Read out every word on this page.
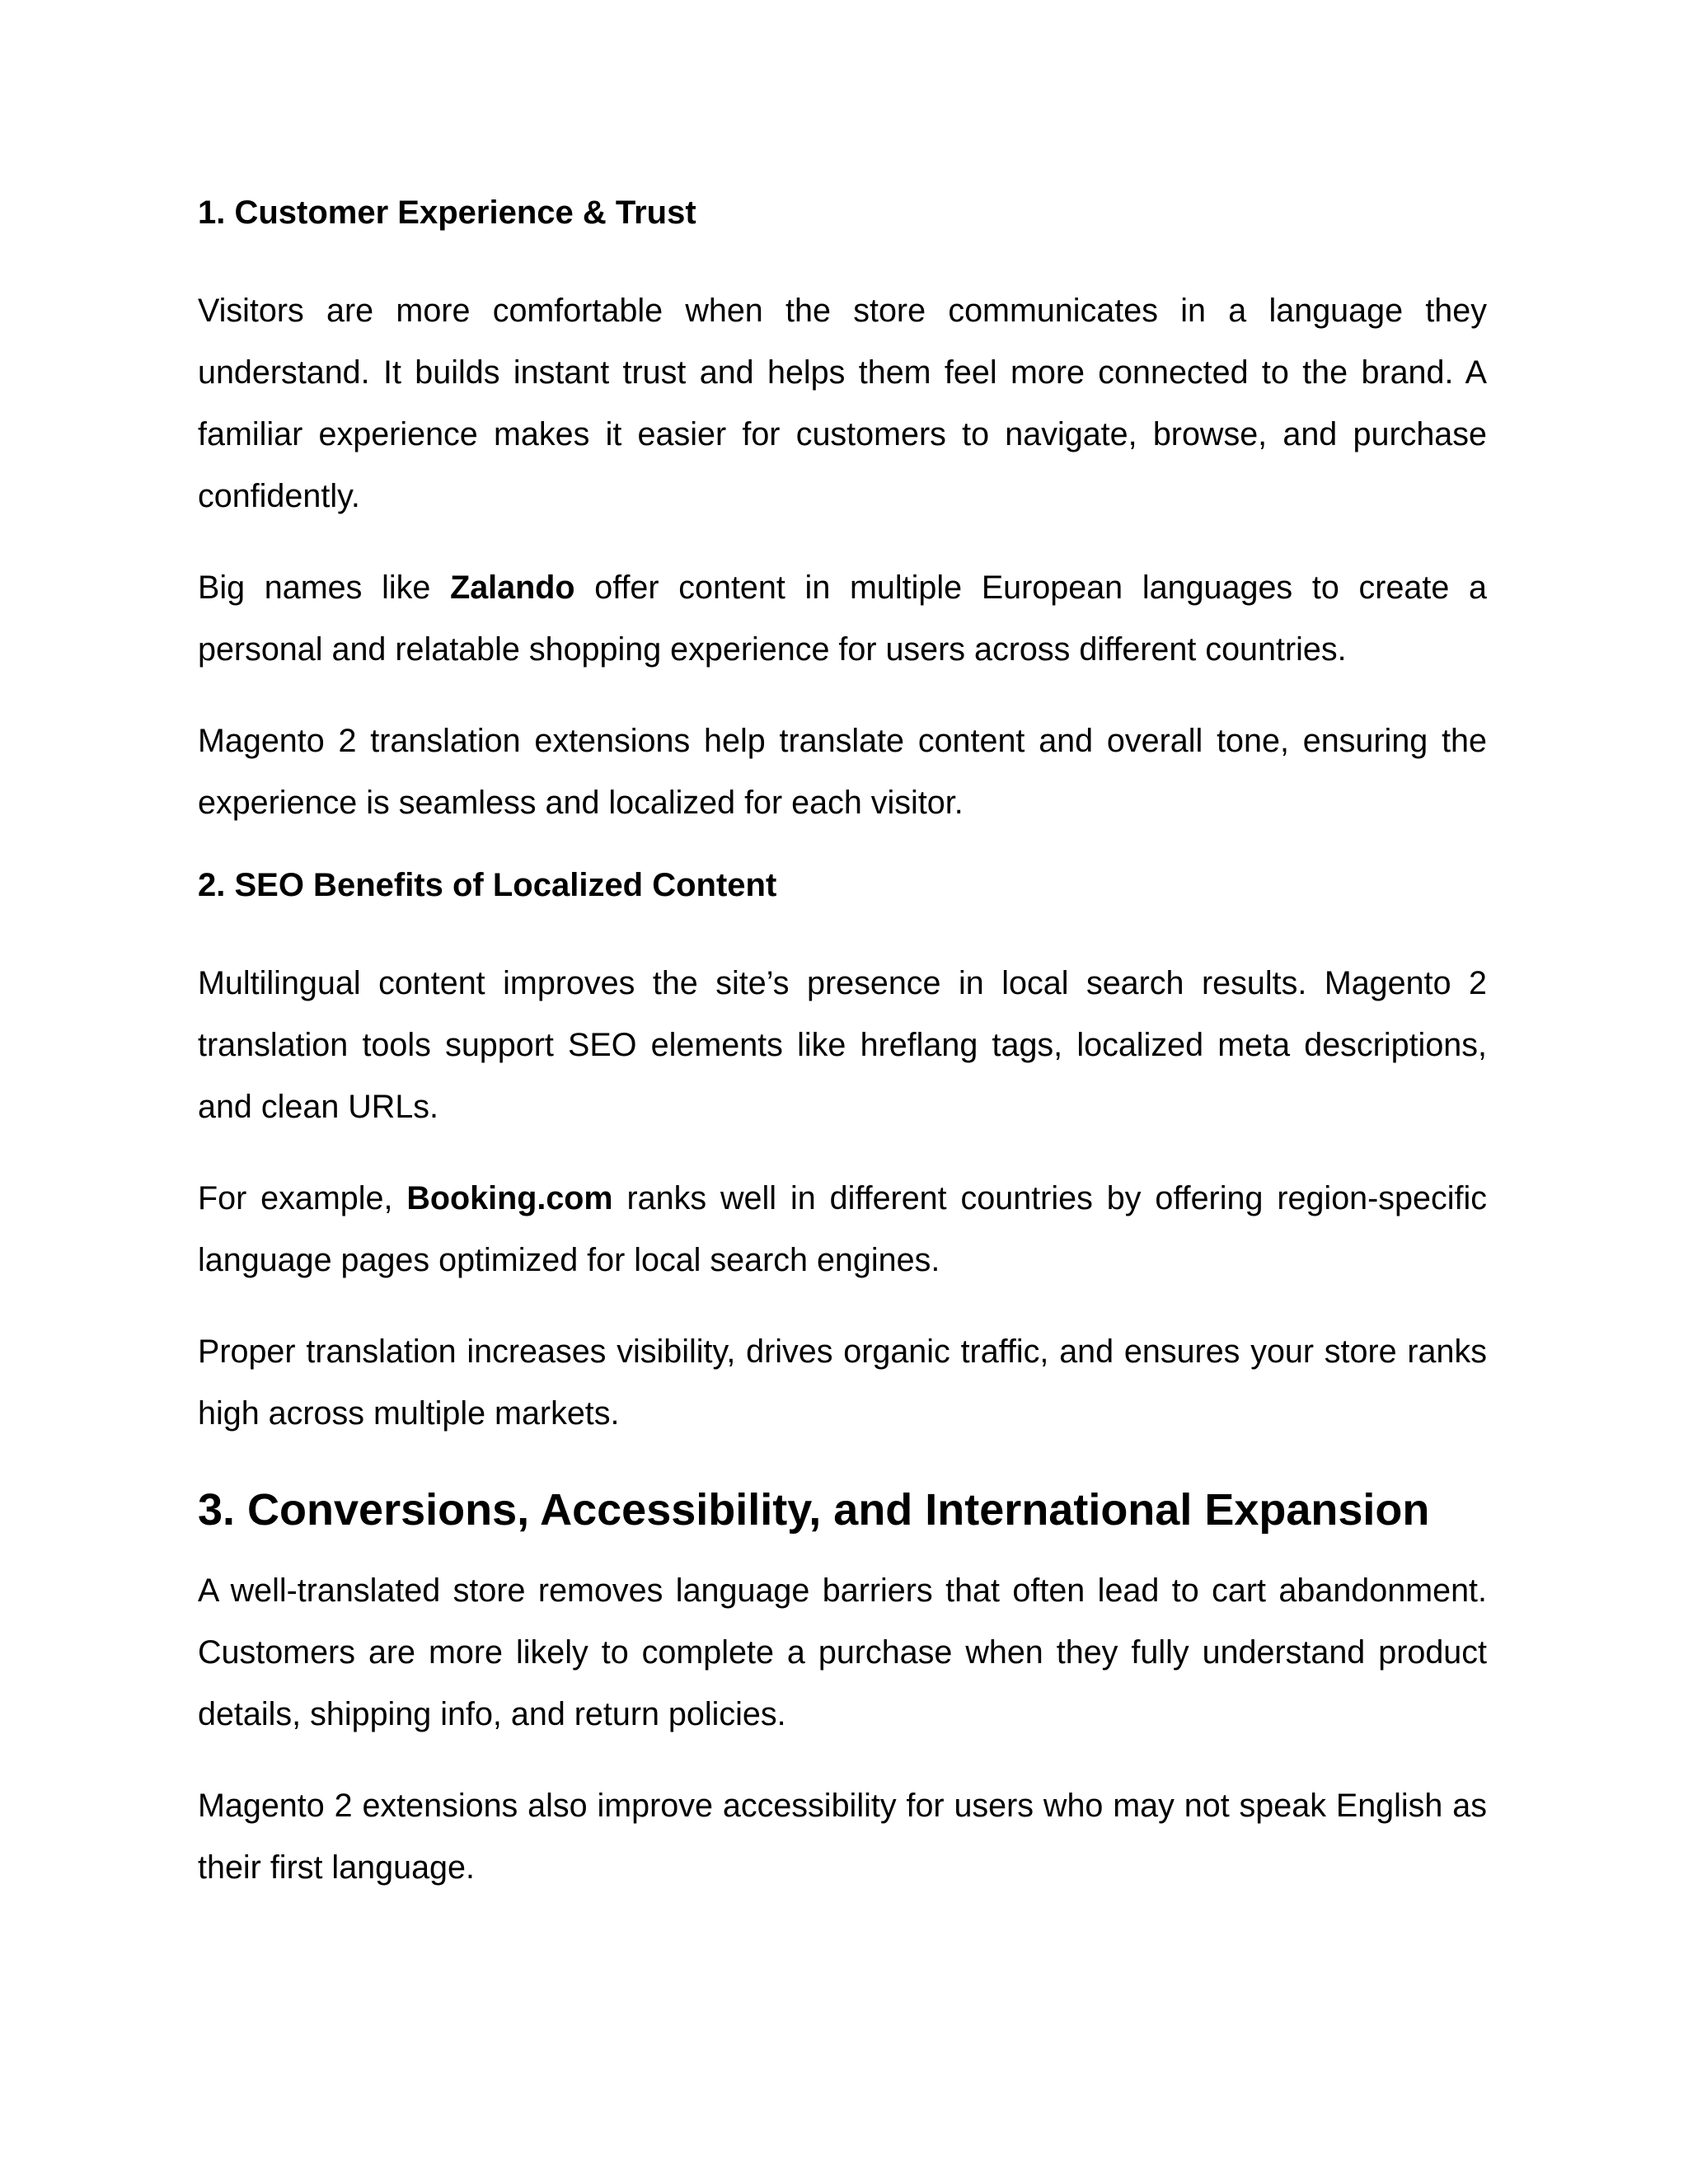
1. Customer Experience & Trust

Visitors are more comfortable when the store communicates in a language they understand. It builds instant trust and helps them feel more connected to the brand. A familiar experience makes it easier for customers to navigate, browse, and purchase confidently.

Big names like Zalando offer content in multiple European languages to create a personal and relatable shopping experience for users across different countries.

Magento 2 translation extensions help translate content and overall tone, ensuring the experience is seamless and localized for each visitor.

2. SEO Benefits of Localized Content

Multilingual content improves the site’s presence in local search results. Magento 2 translation tools support SEO elements like hreflang tags, localized meta descriptions, and clean URLs.

For example, Booking.com ranks well in different countries by offering region-specific language pages optimized for local search engines.

Proper translation increases visibility, drives organic traffic, and ensures your store ranks high across multiple markets.

3. Conversions, Accessibility, and International Expansion

A well-translated store removes language barriers that often lead to cart abandonment. Customers are more likely to complete a purchase when they fully understand product details, shipping info, and return policies.

Magento 2 extensions also improve accessibility for users who may not speak English as their first language.
